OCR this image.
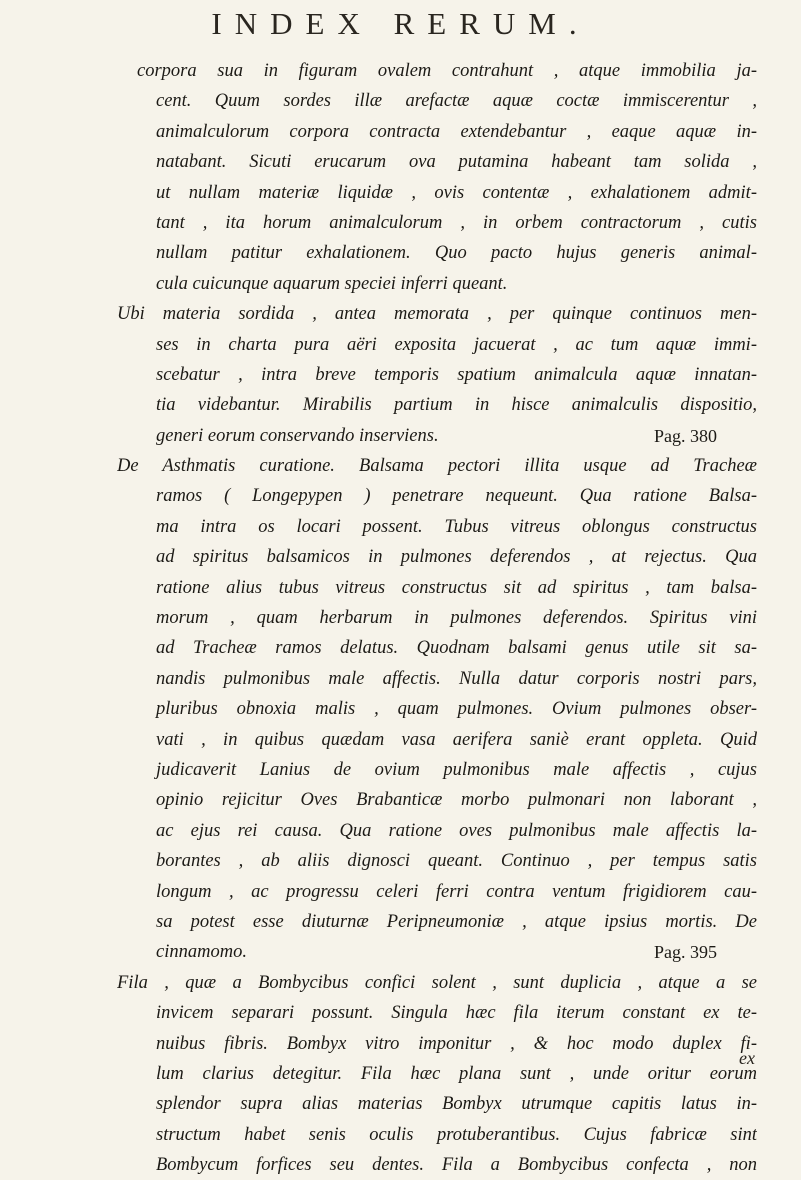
INDEX RERUM.
corpora sua in figuram ovalem contrahunt , atque immobilia ja-
cent. Quum sordes illæ arefactæ aquæ coctæ immiscerentur ,
animalculorum corpora contracta extendebantur , eaque aquæ in-
natabant. Sicuti erucarum ova putamina habeant tam solida ,
ut nullam materiæ liquidæ , ovis contentæ , exhalationem admit-
tant , ita horum animalculorum , in orbem contractorum , cutis
nullam patitur exhalationem. Quo pacto hujus generis animal-
cula cuicunque aquarum speciei inferri queant.
Ubi materia sordida , antea memorata , per quinque continuos men-
ses in charta pura aëri exposita jacuerat , ac tum aquæ immi-
scebatur , intra breve temporis spatium animalcula aquæ innatan-
tia videbantur. Mirabilis partium in hisce animalculis dispositio,
generi eorum conservando inserviens.	Pag. 380
De Asthmatis curatione. Balsama pectori illita usque ad Tracheæ
ramos ( Longepypen ) penetrare nequeunt. Qua ratione Balsa-
ma intra os locari possent. Tubus vitreus oblongus constructus
ad spiritus balsamicos in pulmones deferendos , at rejectus. Qua
ratione alius tubus vitreus constructus sit ad spiritus , tam balsa-
morum , quam herbarum in pulmones deferendos. Spiritus vini
ad Tracheæ ramos delatus. Quodnam balsami genus utile sit sa-
nandis pulmonibus male affectis. Nulla datur corporis nostri pars,
pluribus obnoxia malis , quam pulmones. Ovium pulmones obser-
vati , in quibus quædam vasa aerifera saniè erant oppleta. Quid
judicaverit Lanius de ovium pulmonibus male affectis , cujus
opinio rejicitur Oves Brabanticæ morbo pulmonari non laborant ,
ac ejus rei causa. Qua ratione oves pulmonibus male affectis la-
borantes , ab aliis dignosci queant. Continuo , per tempus satis
longum , ac progressu celeri ferri contra ventum frigidiorem cau-
sa potest esse diuturnæ Peripneumoniæ , atque ipsius mortis. De
cinnamomo.	Pag. 395
Fila , quæ a Bombycibus confici solent , sunt duplicia , atque a se
invicem separari possunt. Singula hæc fila iterum constant ex te-
nuibus fibris. Bombyx vitro imponitur , & hoc modo duplex fi-
lum clarius detegitur. Fila hæc plana sunt , unde oritur eorum
splendor supra alias materias Bombyx utrumque capitis latus in-
structum habet senis oculis protuberantibus. Cujus fabricæ sint
Bombycum forfices seu dentes. Fila a Bombycibus confecta , non
ex
